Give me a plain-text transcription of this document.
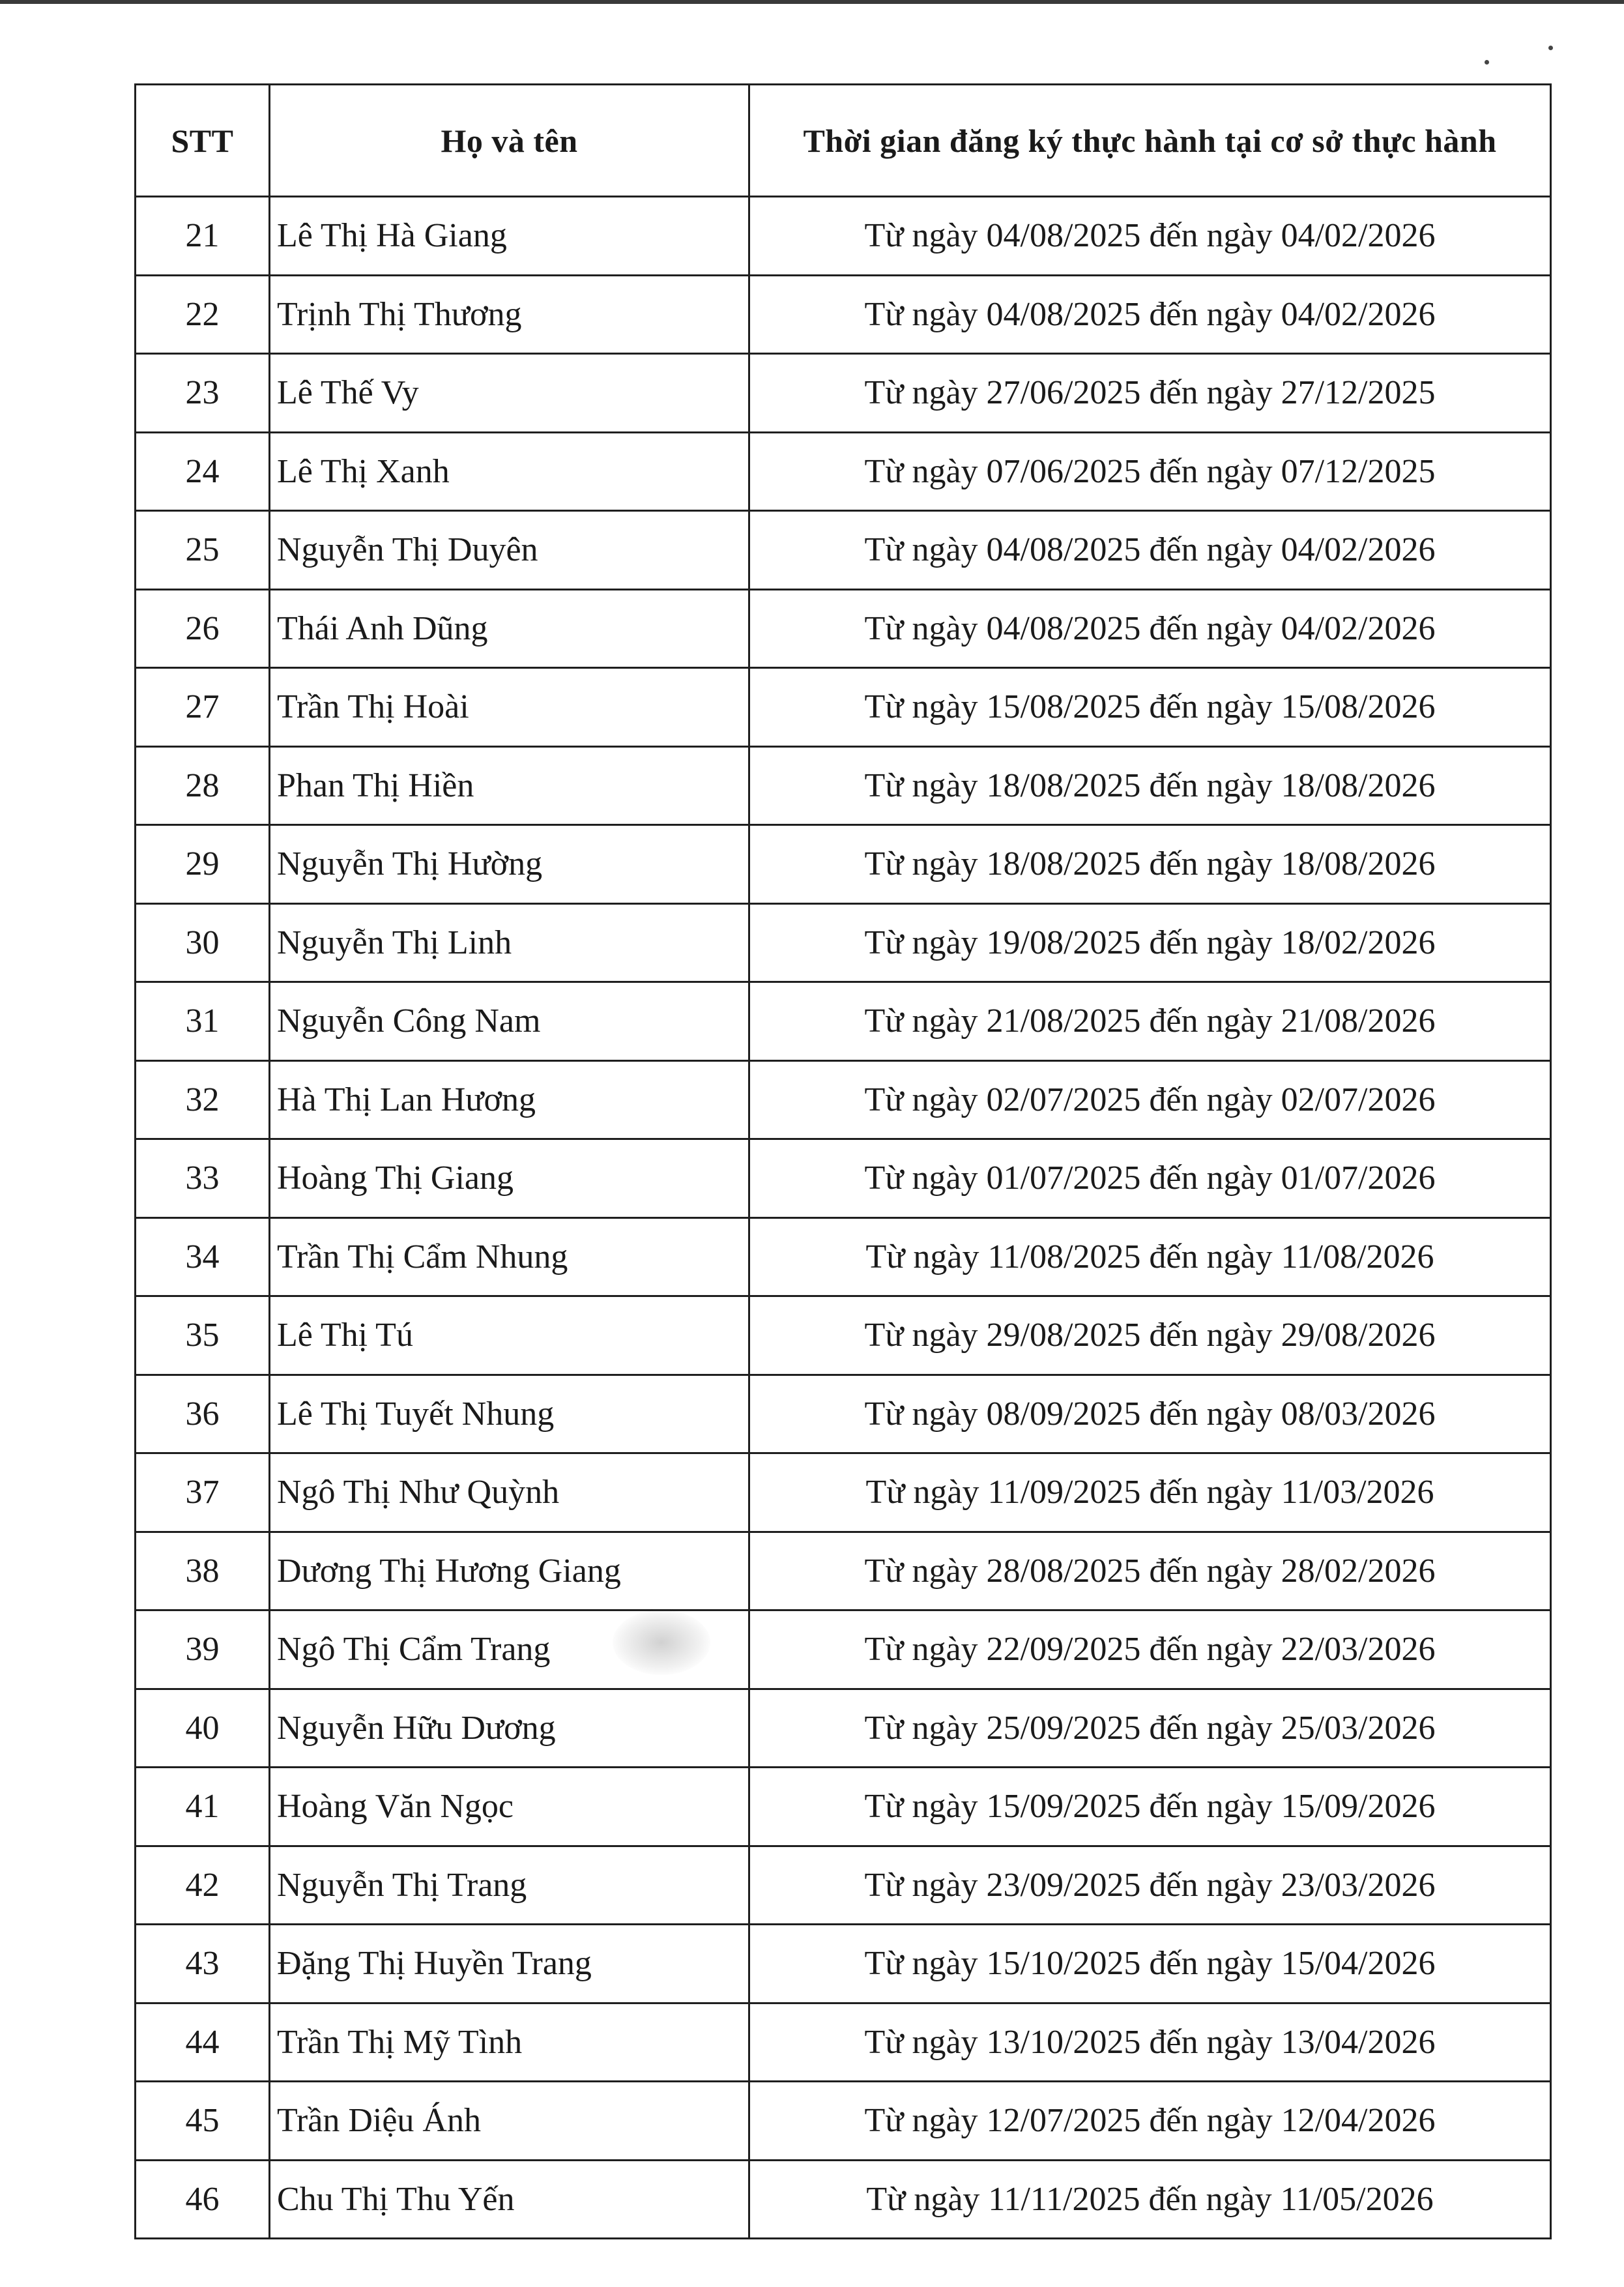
STT	Họ và tên	Thời gian đăng ký thực hành tại cơ sở thực hành
21	Lê Thị Hà Giang	Từ ngày 04/08/2025 đến ngày 04/02/2026
22	Trịnh Thị Thương	Từ ngày 04/08/2025 đến ngày 04/02/2026
23	Lê Thế Vy	Từ ngày 27/06/2025 đến ngày 27/12/2025
24	Lê Thị Xanh	Từ ngày 07/06/2025 đến ngày 07/12/2025
25	Nguyễn Thị Duyên	Từ ngày 04/08/2025 đến ngày 04/02/2026
26	Thái Anh Dũng	Từ ngày 04/08/2025 đến ngày 04/02/2026
27	Trần Thị Hoài	Từ ngày 15/08/2025 đến ngày 15/08/2026
28	Phan Thị Hiền	Từ ngày 18/08/2025 đến ngày 18/08/2026
29	Nguyễn Thị Hường	Từ ngày 18/08/2025 đến ngày 18/08/2026
30	Nguyễn Thị Linh	Từ ngày 19/08/2025 đến ngày 18/02/2026
31	Nguyễn Công Nam	Từ ngày 21/08/2025 đến ngày 21/08/2026
32	Hà Thị Lan Hương	Từ ngày 02/07/2025 đến ngày 02/07/2026
33	Hoàng Thị Giang	Từ ngày 01/07/2025 đến ngày 01/07/2026
34	Trần Thị Cẩm Nhung	Từ ngày 11/08/2025 đến ngày 11/08/2026
35	Lê Thị Tú	Từ ngày 29/08/2025 đến ngày 29/08/2026
36	Lê Thị Tuyết Nhung	Từ ngày 08/09/2025 đến ngày 08/03/2026
37	Ngô Thị Như Quỳnh	Từ ngày 11/09/2025 đến ngày 11/03/2026
38	Dương Thị Hương Giang	Từ ngày 28/08/2025 đến ngày 28/02/2026
39	Ngô Thị Cẩm Trang	Từ ngày 22/09/2025 đến ngày 22/03/2026
40	Nguyễn Hữu Dương	Từ ngày 25/09/2025 đến ngày 25/03/2026
41	Hoàng Văn Ngọc	Từ ngày 15/09/2025 đến ngày 15/09/2026
42	Nguyễn Thị Trang	Từ ngày 23/09/2025 đến ngày 23/03/2026
43	Đặng Thị Huyền Trang	Từ ngày 15/10/2025 đến ngày 15/04/2026
44	Trần Thị Mỹ Tình	Từ ngày 13/10/2025 đến ngày 13/04/2026
45	Trần Diệu Ánh	Từ ngày 12/07/2025 đến ngày 12/04/2026
46	Chu Thị Thu Yến	Từ ngày 11/11/2025 đến ngày 11/05/2026
